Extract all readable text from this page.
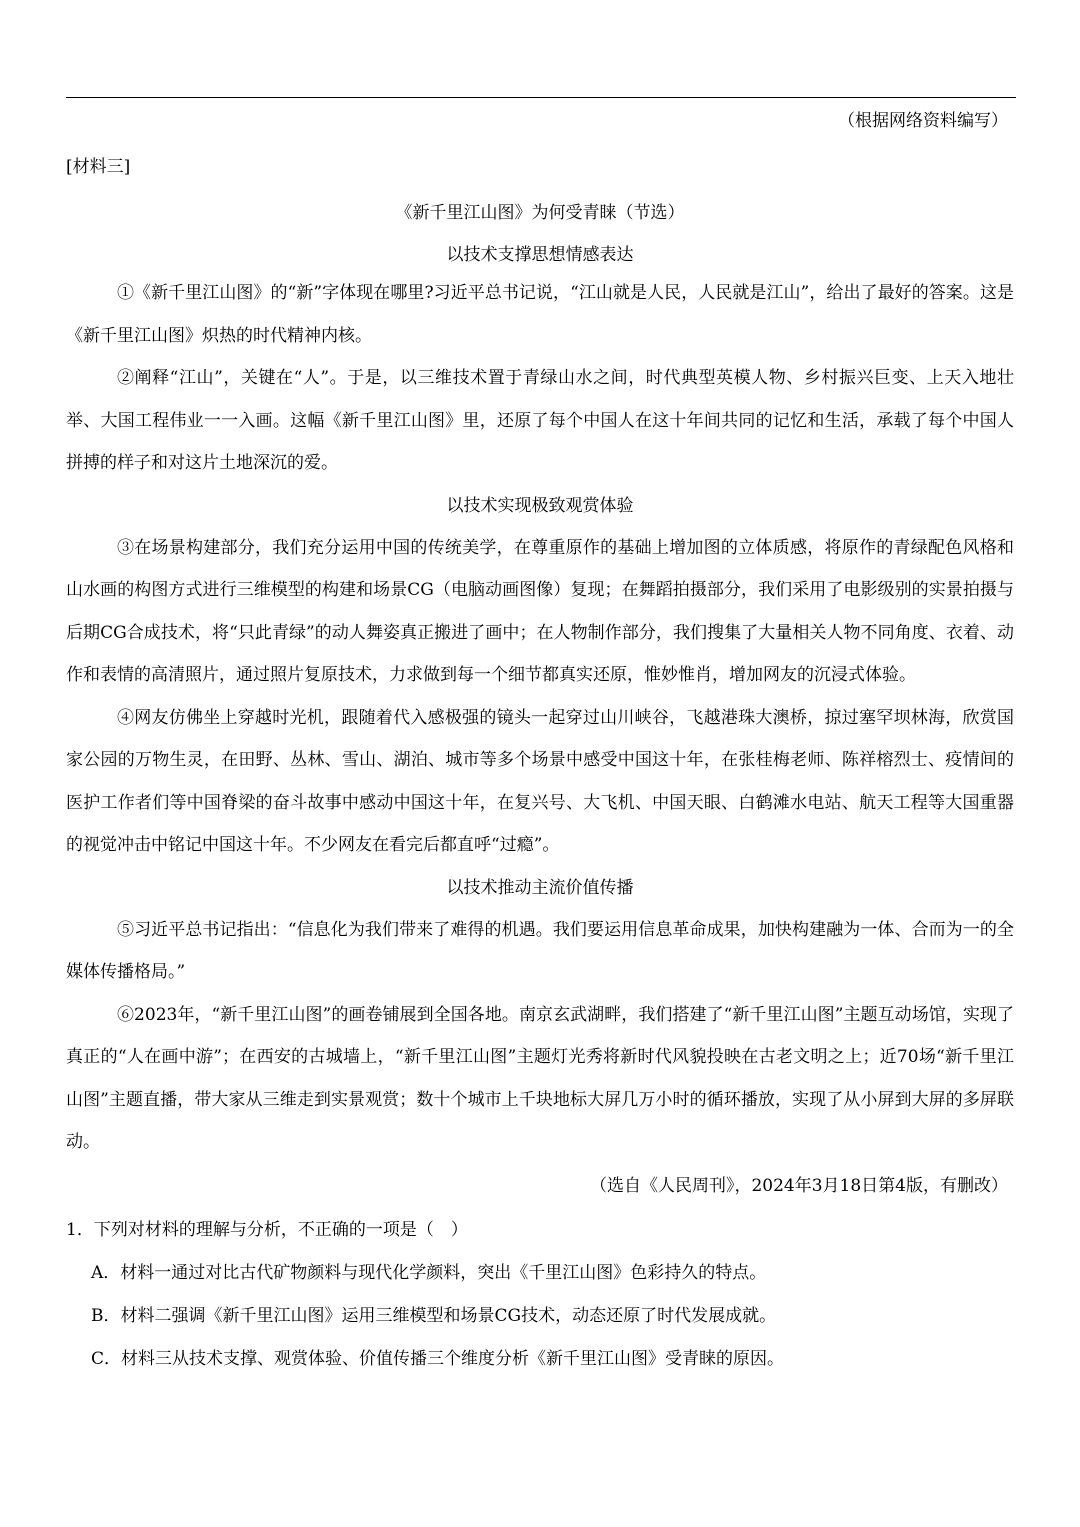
（根据网络资料编写）
[材料三]
《新千里江山图》为何受青睐（节选）
以技术支撑思想情感表达

①《新千里江山图》的“新”字体现在哪里?习近平总书记说，“江山就是人民，人民就是江山”，给出了最好的答案。这是《新千里江山图》炽热的时代精神内核。

②阐释“江山”，关键在“人”。于是，以三维技术置于青绿山水之间，时代典型英模人物、乡村振兴巨变、上天入地壮举、大国工程伟业一一入画。这幅《新千里江山图》里，还原了每个中国人在这十年间共同的记忆和生活，承载了每个中国人拼搏的样子和对这片土地深沉的爱。

以技术实现极致观赏体验

③在场景构建部分，我们充分运用中国的传统美学，在尊重原作的基础上增加图的立体质感，将原作的青绿配色风格和山水画的构图方式进行三维模型的构建和场景CG（电脑动画图像）复现；在舞蹈拍摄部分，我们采用了电影级别的实景拍摄与后期CG合成技术，将“只此青绿”的动人舞姿真正搬进了画中；在人物制作部分，我们搜集了大量相关人物不同角度、衣着、动作和表情的高清照片，通过照片复原技术，力求做到每一个细节都真实还原，惟妙惟肖，增加网友的沉浸式体验。

④网友仿佛坐上穿越时光机，跟随着代入感极强的镜头一起穿过山川峡谷，飞越港珠大澳桥，掠过塞罕坝林海，欣赏国家公园的万物生灵，在田野、丛林、雪山、湖泊、城市等多个场景中感受中国这十年，在张桂梅老师、陈祥榕烈士、疫情间的医护工作者们等中国脊梁的奋斗故事中感动中国这十年，在复兴号、大飞机、中国天眼、白鹤滩水电站、航天工程等大国重器的视觉冲击中铭记中国这十年。不少网友在看完后都直呼“过瘾”。

以技术推动主流价值传播

⑤习近平总书记指出：“信息化为我们带来了难得的机遇。我们要运用信息革命成果，加快构建融为一体、合而为一的全媒体传播格局。”

⑥2023年，“新千里江山图”的画卷铺展到全国各地。南京玄武湖畔，我们搭建了“新千里江山图”主题互动场馆，实现了真正的“人在画中游”；在西安的古城墙上，“新千里江山图”主题灯光秀将新时代风貌投映在古老文明之上；近70场“新千里江山图”主题直播，带大家从三维走到实景观赏；数十个城市上千块地标大屏几万小时的循环播放，实现了从小屏到大屏的多屏联动。

（选自《人民周刊》，2024年3月18日第4版，有删改）
1．下列对材料的理解与分析，不正确的一项是（　）
A．材料一通过对比古代矿物颜料与现代化学颜料，突出《千里江山图》色彩持久的特点。
B．材料二强调《新千里江山图》运用三维模型和场景CG技术，动态还原了时代发展成就。
C．材料三从技术支撑、观赏体验、价值传播三个维度分析《新千里江山图》受青睐的原因。
